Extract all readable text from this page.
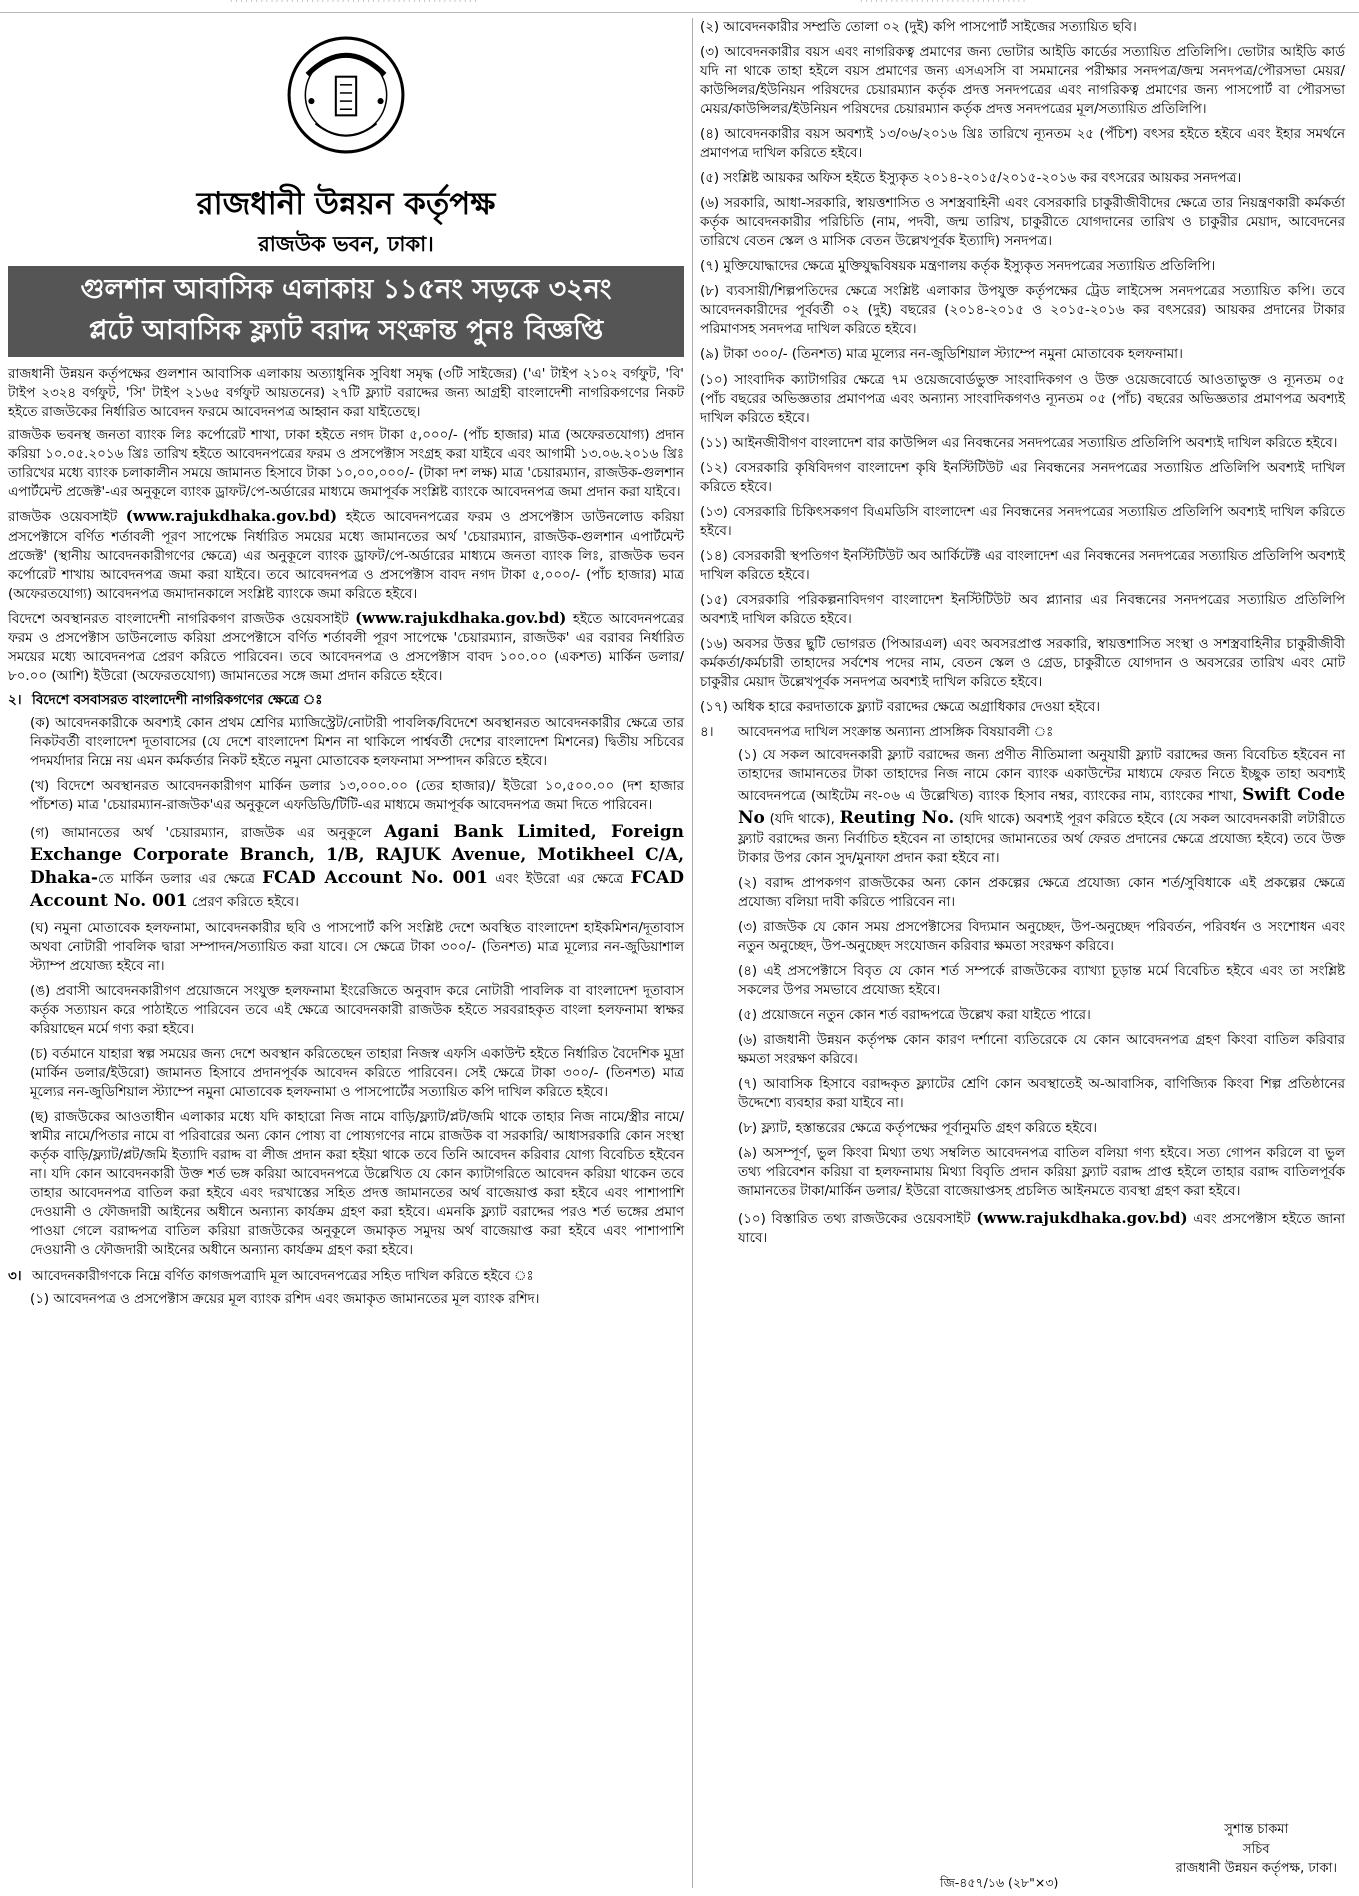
· · · · · · · · · · · · · · · · · · · · · · · · · · · · · · · · · · · · · · · · · · · · · · · · ·	· · · · · · · · · · · · · · · · · · · · · · · · · · · · · · · · ·
রাজধানী উন্নয়ন কর্তৃপক্ষ
রাজউক ভবন, ঢাকা।
গুলশান আবাসিক এলাকায় ১১৫নং সড়কে ৩২নং
প্লটে আবাসিক ফ্ল্যাট বরাদ্দ সংক্রান্ত পুনঃ বিজ্ঞপ্তি

রাজধানী উন্নয়ন কর্তৃপক্ষের গুলশান আবাসিক এলাকায় অত্যাধুনিক সুবিধা সমৃদ্ধ (৩টি সাইজের) ('এ' টাইপ ২১০২ বর্গফুট, 'বি' টাইপ ২৩২৪ বর্গফুট, 'সি' টাইপ ২১৬৫ বর্গফুট আয়তনের) ২৭টি ফ্ল্যাট বরাদ্দের জন্য আগ্রহী বাংলাদেশী নাগরিকগণের নিকট হইতে রাজউকের নির্ধারিত আবেদন ফরমে আবেদনপত্র আহ্বান করা যাইতেছে।

রাজউক ভবনস্থ জনতা ব্যাংক লিঃ কর্পোরেট শাখা, ঢাকা হইতে নগদ টাকা ৫,০০০/- (পাঁচ হাজার) মাত্র (অফেরতযোগ্য) প্রদান করিয়া ১০.০৫.২০১৬ খ্রিঃ তারিখ হইতে আবেদনপত্রের ফরম ও প্রসপেক্টাস সংগ্রহ করা যাইবে এবং আগামী ১৩.০৬.২০১৬ খ্রিঃ তারিখের মধ্যে ব্যাংক চলাকালীন সময়ে জামানত হিসাবে টাকা ১০,০০,০০০/- (টাকা দশ লক্ষ) মাত্র 'চেয়ারম্যান, রাজউক-গুলশান এপার্টমেন্ট প্রজেক্ট'-এর অনুকূলে ব্যাংক ড্রাফট/পে-অর্ডারের মাধ্যমে জমাপূর্বক সংশ্লিষ্ট ব্যাংকে আবেদনপত্র জমা প্রদান করা যাইবে।

রাজউক ওয়েবসাইট (www.rajukdhaka.gov.bd) হইতে আবেদনপত্রের ফরম ও প্রসপেক্টাস ডাউনলোড করিয়া প্রসপেক্টাসে বর্ণিত শর্তাবলী পূরণ সাপেক্ষে নির্ধারিত সময়ের মধ্যে জামানতের অর্থ 'চেয়ারম্যান, রাজউক-গুলশান এপার্টমেন্ট প্রজেক্ট' (স্থানীয় আবেদনকারীগণের ক্ষেত্রে) এর অনুকূলে ব্যাংক ড্রাফট/পে-অর্ডারের মাধ্যমে জনতা ব্যাংক লিঃ, রাজউক ভবন কর্পোরেট শাখায় আবেদনপত্র জমা করা যাইবে। তবে আবেদনপত্র ও প্রসপেক্টাস বাবদ নগদ টাকা ৫,০০০/- (পাঁচ হাজার) মাত্র (অফেরতযোগ্য) আবেদনপত্র জমাদানকালে সংশ্লিষ্ট ব্যাংকে জমা করিতে হইবে।

বিদেশে অবস্থানরত বাংলাদেশী নাগরিকগণ রাজউক ওয়েবসাইট (www.rajukdhaka.gov.bd) হইতে আবেদনপত্রের ফরম ও প্রসপেক্টাস ডাউনলোড করিয়া প্রসপেক্টাসে বর্ণিত শর্তাবলী পূরণ সাপেক্ষে 'চেয়ারম্যান, রাজউক' এর বরাবর নির্ধারিত সময়ের মধ্যে আবেদনপত্র প্রেরণ করিতে পারিবেন। তবে আবেদনপত্র ও প্রসপেক্টাস বাবদ ১০০.০০ (একশত) মার্কিন ডলার/৮০.০০ (আশি) ইউরো (অফেরতযোগ্য) জামানতের সঙ্গে জমা প্রদান করিতে হইবে।

২। বিদেশে বসবাসরত বাংলাদেশী নাগরিকগণের ক্ষেত্রে ঃ
(ক) আবেদনকারীকে অবশ্যই কোন প্রথম শ্রেণির ম্যাজিস্ট্রেট/নোটারী পাবলিক/বিদেশে অবস্থানরত আবেদনকারীর ক্ষেত্রে তার নিকটবর্তী বাংলাদেশ দূতাবাসের (যে দেশে বাংলাদেশ মিশন না থাকিলে পার্শ্ববর্তী দেশের বাংলাদেশ মিশনের) দ্বিতীয় সচিবের পদমর্যাদার নিম্নে নয় এমন কর্মকর্তার নিকট হইতে নমুনা মোতাবেক হলফনামা সম্পাদন করিতে হইবে।
(খ) বিদেশে অবস্থানরত আবেদনকারীগণ মার্কিন ডলার ১৩,০০০.০০ (তের হাজার)/ ইউরো ১০,৫০০.০০ (দশ হাজার পাঁচশত) মাত্র 'চেয়ারম্যান-রাজউক'এর অনুকূলে এফডিডি/টিটি-এর মাধ্যমে জমাপূর্বক আবেদনপত্র জমা দিতে পারিবেন।
(গ) জামানতের অর্থ 'চেয়ারম্যান, রাজউক এর অনুকূলে Agani Bank Limited, Foreign Exchange Corporate Branch, 1/B, RAJUK Avenue, Motikheel C/A, Dhaka-তে মার্কিন ডলার এর ক্ষেত্রে FCAD Account No. 001 এবং ইউরো এর ক্ষেত্রে FCAD Account No. 001 প্রেরণ করিতে হইবে।
(ঘ) নমুনা মোতাবেক হলফনামা, আবেদনকারীর ছবি ও পাসপোর্ট কপি সংশ্লিষ্ট দেশে অবস্থিত বাংলাদেশ হাইকমিশন/দূতাবাস অথবা নোটারী পাবলিক দ্বারা সম্পাদন/সত্যায়িত করা যাবে। সে ক্ষেত্রে টাকা ৩০০/- (তিনশত) মাত্র মূল্যের নন-জুডিয়াশাল স্ট্যাম্প প্রযোজ্য হইবে না।
(ঙ) প্রবাসী আবেদনকারীগণ প্রয়োজনে সংযুক্ত হলফনামা ইংরেজিতে অনুবাদ করে নোটারী পাবলিক বা বাংলাদেশ দূতাবাস কর্তৃক সত্যায়ন করে পাঠাইতে পারিবেন তবে এই ক্ষেত্রে আবেদনকারী রাজউক হইতে সরবরাহকৃত বাংলা হলফনামা স্বাক্ষর করিয়াছেন মর্মে গণ্য করা হইবে।
(চ) বর্তমানে যাহারা স্বল্প সময়ের জন্য দেশে অবস্থান করিতেছেন তাহারা নিজস্ব এফসি একাউন্ট হইতে নির্ধারিত বৈদেশিক মুদ্রা (মার্কিন ডলার/ইউরো) জামানত হিসাবে প্রদানপূর্বক আবেদন করিতে পারিবেন। সেই ক্ষেত্রে টাকা ৩০০/- (তিনশত) মাত্র মূল্যের নন-জুডিশিয়াল স্ট্যাম্পে নমুনা মোতাবেক হলফনামা ও পাসপোর্টের সত্যায়িত কপি দাখিল করিতে হইবে।
(ছ) রাজউকের আওতাধীন এলাকার মধ্যে যদি কাহারো নিজ নামে বাড়ি/ফ্ল্যাট/প্লট/জমি থাকে তাহার নিজ নামে/স্ত্রীর নামে/স্বামীর নামে/পিতার নামে বা পরিবারের অন্য কোন পোষ্য বা পোষ্যগণের নামে রাজউক বা সরকারি/ আধাসরকারি কোন সংস্থা কর্তৃক বাড়ি/ফ্ল্যাট/প্লট/জমি ইত্যাদি বরাদ্দ বা লীজ প্রদান করা হইয়া থাকে তবে তিনি আবেদন করিবার যোগ্য বিবেচিত হইবেন না। যদি কোন আবেদনকারী উক্ত শর্ত ভঙ্গ করিয়া আবেদনপত্রে উল্লেখিত যে কোন ক্যাটাগরিতে আবেদন করিয়া থাকেন তবে তাহার আবেদনপত্র বাতিল করা হইবে এবং দরখাস্তের সহিত প্রদত্ত জামানতের অর্থ বাজেয়াপ্ত করা হইবে এবং পাশাপাশি দেওয়ানী ও ফৌজদারী আইনের অধীনে অন্যান্য কার্যক্রম গ্রহণ করা হইবে। এমনকি ফ্ল্যাট বরাদ্দের পরও শর্ত ভঙ্গের প্রমাণ পাওয়া গেলে বরাদ্দপত্র বাতিল করিয়া রাজউকের অনুকূলে জমাকৃত সমুদয় অর্থ বাজেয়াপ্ত করা হইবে এবং পাশাপাশি দেওয়ানী ও ফৌজদারী আইনের অধীনে অন্যান্য কার্যক্রম গ্রহণ করা হইবে।
৩। আবেদনকারীগণকে নিম্নে বর্ণিত কাগজপত্রাদি মূল আবেদনপত্রের সহিত দাখিল করিতে হইবে ঃ
(১) আবেদনপত্র ও প্রসপেক্টাস ক্রয়ের মূল ব্যাংক রশিদ এবং জমাকৃত জামানতের মূল ব্যাংক রশিদ।
(২) আবেদনকারীর সম্প্রতি তোলা ০২ (দুই) কপি পাসপোর্ট সাইজের সত্যায়িত ছবি।
(৩) আবেদনকারীর বয়স এবং নাগরিকত্ব প্রমাণের জন্য ভোটার আইডি কার্ডের সত্যায়িত প্রতিলিপি। ভোটার আইডি কার্ড যদি না থাকে তাহা হইলে বয়স প্রমাণের জন্য এসএসসি বা সমমানের পরীক্ষার সনদপত্র/জন্ম সনদপত্র/পৌরসভা মেয়র/কাউন্সিলর/ইউনিয়ন পরিষদের চেয়ারম্যান কর্তৃক প্রদত্ত সনদপত্রের এবং নাগরিকত্ব প্রমাণের জন্য পাসপোর্ট বা পৌরসভা মেয়র/কাউন্সিলর/ইউনিয়ন পরিষদের চেয়ারম্যান কর্তৃক প্রদত্ত সনদপত্রের মূল/সত্যায়িত প্রতিলিপি।
(৪) আবেদনকারীর বয়স অবশ্যই ১৩/০৬/২০১৬ খ্রিঃ তারিখে ন্যূনতম ২৫ (পঁচিশ) বৎসর হইতে হইবে এবং ইহার সমর্থনে প্রমাণপত্র দাখিল করিতে হইবে।
(৫) সংশ্লিষ্ট আয়কর অফিস হইতে ইস্যুকৃত ২০১৪-২০১৫/২০১৫-২০১৬ কর বৎসরের আয়কর সনদপত্র।
(৬) সরকারি, আধা-সরকারি, স্বায়ত্তশাসিত ও সশস্ত্রবাহিনী এবং বেসরকারি চাকুরীজীবীদের ক্ষেত্রে তার নিয়ন্ত্রণকারী কর্মকর্তা কর্তৃক আবেদনকারীর পরিচিতি (নাম, পদবী, জন্ম তারিখ, চাকুরীতে যোগদানের তারিখ ও চাকুরীর মেয়াদ, আবেদনের তারিখে বেতন স্কেল ও মাসিক বেতন উল্লেখপূর্বক ইত্যাদি) সনদপত্র।
(৭) মুক্তিযোদ্ধাদের ক্ষেত্রে মুক্তিযুদ্ধবিষয়ক মন্ত্রণালয় কর্তৃক ইস্যুকৃত সনদপত্রের সত্যায়িত প্রতিলিপি।
(৮) ব্যবসায়ী/শিল্পপতিদের ক্ষেত্রে সংশ্লিষ্ট এলাকার উপযুক্ত কর্তৃপক্ষের ট্রেড লাইসেন্স সনদপত্রের সত্যায়িত কপি। তবে আবেদনকারীদের পূর্ববর্তী ০২ (দুই) বছরের (২০১৪-২০১৫ ও ২০১৫-২০১৬ কর বৎসরের) আয়কর প্রদানের টাকার পরিমাণসহ সনদপত্র দাখিল করিতে হইবে।
(৯) টাকা ৩০০/- (তিনশত) মাত্র মূল্যের নন-জুডিশিয়াল স্ট্যাম্পে নমুনা মোতাবেক হলফনামা।
(১০) সাংবাদিক ক্যাটাগরির ক্ষেত্রে ৭ম ওয়েজবোর্ডভুক্ত সাংবাদিকগণ ও উক্ত ওয়েজবোর্ডে আওতাভুক্ত ও ন্যূনতম ০৫ (পাঁচ বছরের অভিজ্ঞতার প্রমাণপত্র এবং অন্যান্য সাংবাদিকগণও ন্যূনতম ০৫ (পাঁচ) বছরের অভিজ্ঞতার প্রমাণপত্র অবশ্যই দাখিল করিতে হইবে।
(১১) আইনজীবীগণ বাংলাদেশ বার কাউন্সিল এর নিবন্ধনের সনদপত্রের সত্যায়িত প্রতিলিপি অবশ্যই দাখিল করিতে হইবে।
(১২) বেসরকারি কৃষিবিদগণ বাংলাদেশ কৃষি ইনস্টিটিউট এর নিবন্ধনের সনদপত্রের সত্যায়িত প্রতিলিপি অবশ্যই দাখিল করিতে হইবে।
(১৩) বেসরকারি চিকিৎসকগণ বিএমডিসি বাংলাদেশ এর নিবন্ধনের সনদপত্রের সত্যায়িত প্রতিলিপি অবশ্যই দাখিল করিতে হইবে।
(১৪) বেসরকারী স্থপতিগণ ইনস্টিটিউট অব আর্কিটেক্ট এর বাংলাদেশ এর নিবন্ধনের সনদপত্রের সত্যায়িত প্রতিলিপি অবশ্যই দাখিল করিতে হইবে।
(১৫) বেসরকারি পরিকল্পনাবিদগণ বাংলাদেশ ইনস্টিটিউট অব প্ল্যানার এর নিবন্ধনের সনদপত্রের সত্যায়িত প্রতিলিপি অবশ্যই দাখিল করিতে হইবে।
(১৬) অবসর উত্তর ছুটি ভোগরত (পিআরএল) এবং অবসরপ্রাপ্ত সরকারি, স্বায়ত্তশাসিত সংস্থা ও সশস্ত্রবাহিনীর চাকুরীজীবী কর্মকর্তা/কর্মচারী তাহাদের সর্বশেষ পদের নাম, বেতন স্কেল ও গ্রেড, চাকুরীতে যোগদান ও অবসরের তারিখ এবং মোট চাকুরীর মেয়াদ উল্লেখপূর্বক সনদপত্র অবশ্যই দাখিল করিতে হইবে।
(১৭) অধিক হারে করদাতাকে ফ্ল্যাট বরাদ্দের ক্ষেত্রে অগ্রাধিকার দেওয়া হইবে।
৪।	আবেদনপত্র দাখিল সংক্রান্ত অন্যান্য প্রাসঙ্গিক বিষয়াবলী ঃ
(১) যে সকল আবেদনকারী ফ্ল্যাট বরাদ্দের জন্য প্রণীত নীতিমালা অনুযায়ী ফ্ল্যাট বরাদ্দের জন্য বিবেচিত হইবেন না তাহাদের জামানতের টাকা তাহাদের নিজ নামে কোন ব্যাংক একাউন্টের মাধ্যমে ফেরত নিতে ইচ্ছুক তাহা অবশ্যই আবেদনপত্রে (আইটেম নং-০৬ এ উল্লেখিত) ব্যাংক হিসাব নম্বর, ব্যাংকের নাম, ব্যাংকের শাখা, Swift Code No (যদি থাকে), Reuting No. (যদি থাকে) অবশ্যই পূরণ করিতে হইবে (যে সকল আবেদনকারী লটারীতে ফ্ল্যাট বরাদ্দের জন্য নির্বাচিত হইবেন না তাহাদের জামানতের অর্থ ফেরত প্রদানের ক্ষেত্রে প্রযোজ্য হইবে) তবে উক্ত টাকার উপর কোন সুদ/মুনাফা প্রদান করা হইবে না।
(২) বরাদ্দ প্রাপকগণ রাজউকের অন্য কোন প্রকল্পের ক্ষেত্রে প্রযোজ্য কোন শর্ত/সুবিধাকে এই প্রকল্পের ক্ষেত্রে প্রযোজ্য বলিয়া দাবী করিতে পারিবেন না।
(৩) রাজউক যে কোন সময় প্রসপেক্টাসের বিদ্যমান অনুচ্ছেদ, উপ-অনুচ্ছেদ পরিবর্তন, পরিবর্ধন ও সংশোধন এবং নতুন অনুচ্ছেদ, উপ-অনুচ্ছেদ সংযোজন করিবার ক্ষমতা সংরক্ষণ করিবে।
(৪) এই প্রসপেক্টাসে বিবৃত যে কোন শর্ত সম্পর্কে রাজউকের ব্যাখ্যা চূড়ান্ত মর্মে বিবেচিত হইবে এবং তা সংশ্লিষ্ট সকলের উপর সমভাবে প্রযোজ্য হইবে।
(৫) প্রয়োজনে নতুন কোন শর্ত বরাদ্দপত্রে উল্লেখ করা যাইতে পারে।
(৬) রাজধানী উন্নয়ন কর্তৃপক্ষ কোন কারণ দর্শানো ব্যতিরেকে যে কোন আবেদনপত্র গ্রহণ কিংবা বাতিল করিবার ক্ষমতা সংরক্ষণ করিবে।
(৭) আবাসিক হিসাবে বরাদ্দকৃত ফ্ল্যাটের শ্রেণি কোন অবস্থাতেই অ-আবাসিক, বাণিজ্যিক কিংবা শিল্প প্রতিষ্ঠানের উদ্দেশ্যে ব্যবহার করা যাইবে না।
(৮) ফ্ল্যাট, হস্তান্তরের ক্ষেত্রে কর্তৃপক্ষের পূর্বানুমতি গ্রহণ করিতে হইবে।
(৯) অসম্পূর্ণ, ভুল কিংবা মিথ্যা তথ্য সম্বলিত আবেদনপত্র বাতিল বলিয়া গণ্য হইবে। সত্য গোপন করিলে বা ভুল তথ্য পরিবেশন করিয়া বা হলফনামায় মিথ্যা বিবৃতি প্রদান করিয়া ফ্ল্যাট বরাদ্দ প্রাপ্ত হইলে তাহার বরাদ্দ বাতিলপূর্বক জামানতের টাকা/মার্কিন ডলার/ ইউরো বাজেয়াপ্তসহ প্রচলিত আইনমতে ব্যবস্থা গ্রহণ করা হইবে।
(১০) বিস্তারিত তথ্য রাজউকের ওয়েবসাইট (www.rajukdhaka.gov.bd) এবং প্রসপেক্টাস হইতে জানা যাবে।
সুশান্ত চাকমা
সচিব
রাজধানী উন্নয়ন কর্তৃপক্ষ, ঢাকা।
জি-৪৫৭/১৬ (২৮"×৩)
